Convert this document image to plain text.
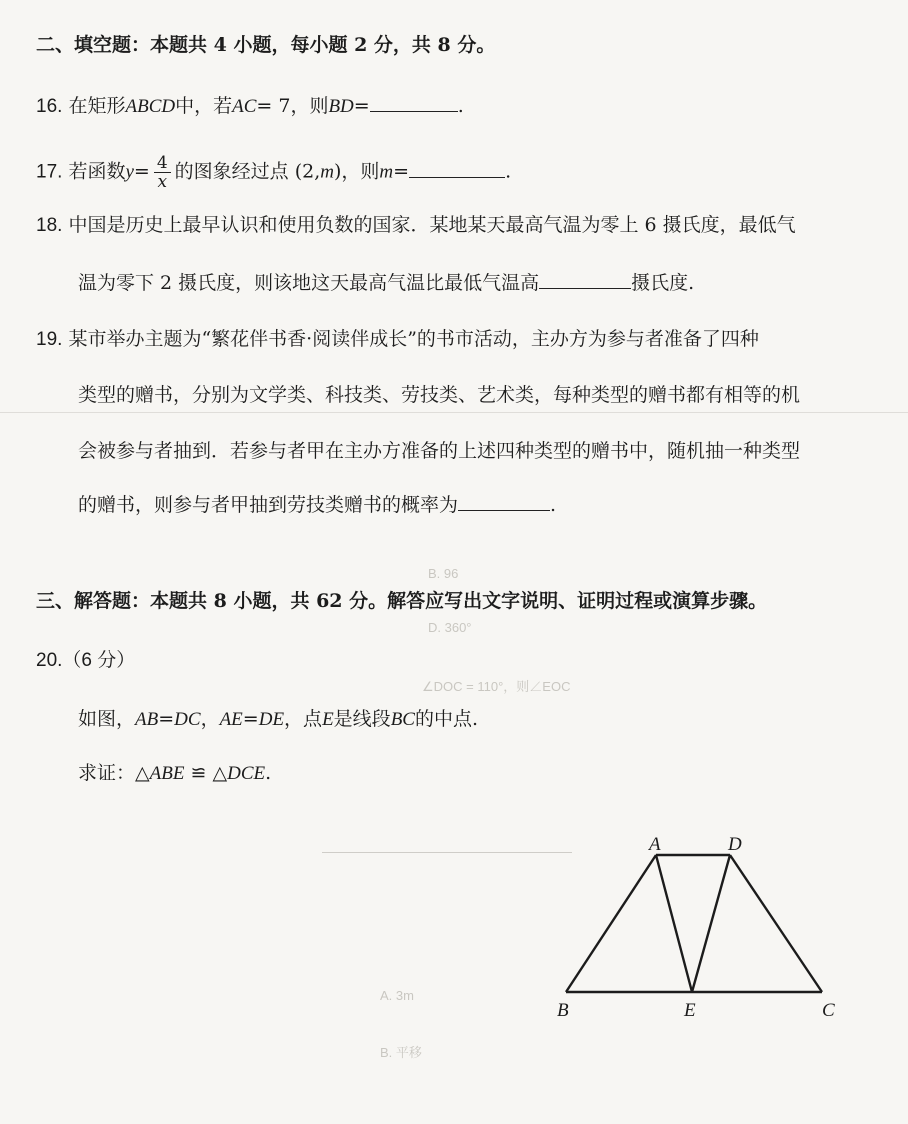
B. 96
D. 360°
∠DOC = 110°，则∠EOC
A. 3m
B. 平移
二、填空题：本题共 4 小题，每小题 2 分，共 8 分。
16. 在矩形ABCD中，若AC= 7，则BD=	.
17. 若函数$y= \frac{4}{x}$ 的图象经过点 (2,m)，则m=	.
18. 中国是历史上最早认识和使用负数的国家．某地某天最高气温为零上 6 摄氏度，最低气
温为零下 2 摄氏度，则该地这天最高气温比最低气温高	摄氏度.
19. 某市举办主题为“繁花伴书香·阅读伴成长”的书市活动，主办方为参与者准备了四种
类型的赠书，分别为文学类、科技类、劳技类、艺术类，每种类型的赠书都有相等的机
会被参与者抽到．若参与者甲在主办方准备的上述四种类型的赠书中，随机抽一种类型
的赠书，则参与者甲抽到劳技类赠书的概率为	.
三、解答题：本题共 8 小题，共 62 分。解答应写出文字说明、证明过程或演算步骤。
20.（6 分）
如图，AB=DC，AE=DE，点E是线段BC的中点.
求证：△ABE ≌ △DCE.
A	D
B	E	C
